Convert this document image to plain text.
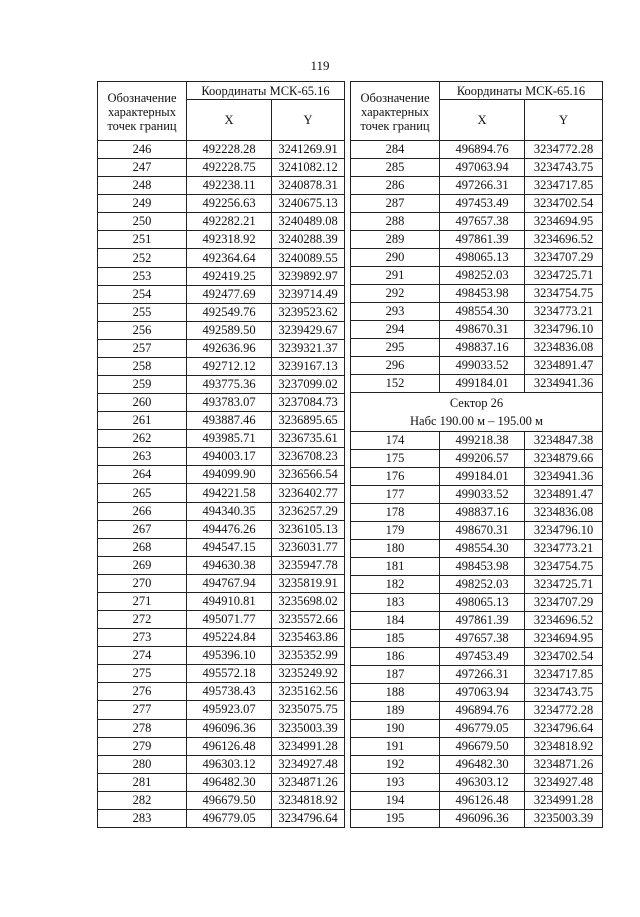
119
Обозначение
характерных
точек границ	Координаты МСК-65.16	
	X	Y
246	492228.28	3241269.91
247	492228.75	3241082.12
248	492238.11	3240878.31
249	492256.63	3240675.13
250	492282.21	3240489.08
251	492318.92	3240288.39
252	492364.64	3240089.55
253	492419.25	3239892.97
254	492477.69	3239714.49
255	492549.76	3239523.62
256	492589.50	3239429.67
257	492636.96	3239321.37
258	492712.12	3239167.13
259	493775.36	3237099.02
260	493783.07	3237084.73
261	493887.46	3236895.65
262	493985.71	3236735.61
263	494003.17	3236708.23
264	494099.90	3236566.54
265	494221.58	3236402.77
266	494340.35	3236257.29
267	494476.26	3236105.13
268	494547.15	3236031.77
269	494630.38	3235947.78
270	494767.94	3235819.91
271	494910.81	3235698.02
272	495071.77	3235572.66
273	495224.84	3235463.86
274	495396.10	3235352.99
275	495572.18	3235249.92
276	495738.43	3235162.56
277	495923.07	3235075.75
278	496096.36	3235003.39
279	496126.48	3234991.28
280	496303.12	3234927.48
281	496482.30	3234871.26
282	496679.50	3234818.92
283	496779.05	3234796.64
Обозначение
характерных
точек границ	Координаты МСК-65.16	
	X	Y
284	496894.76	3234772.28
285	497063.94	3234743.75
286	497266.31	3234717.85
287	497453.49	3234702.54
288	497657.38	3234694.95
289	497861.39	3234696.52
290	498065.13	3234707.29
291	498252.03	3234725.71
292	498453.98	3234754.75
293	498554.30	3234773.21
294	498670.31	3234796.10
295	498837.16	3234836.08
296	499033.52	3234891.47
152	499184.01	3234941.36
Сектор 26
Набс 190.00 м – 195.00 м		
174	499218.38	3234847.38
175	499206.57	3234879.66
176	499184.01	3234941.36
177	499033.52	3234891.47
178	498837.16	3234836.08
179	498670.31	3234796.10
180	498554.30	3234773.21
181	498453.98	3234754.75
182	498252.03	3234725.71
183	498065.13	3234707.29
184	497861.39	3234696.52
185	497657.38	3234694.95
186	497453.49	3234702.54
187	497266.31	3234717.85
188	497063.94	3234743.75
189	496894.76	3234772.28
190	496779.05	3234796.64
191	496679.50	3234818.92
192	496482.30	3234871.26
193	496303.12	3234927.48
194	496126.48	3234991.28
195	496096.36	3235003.39
